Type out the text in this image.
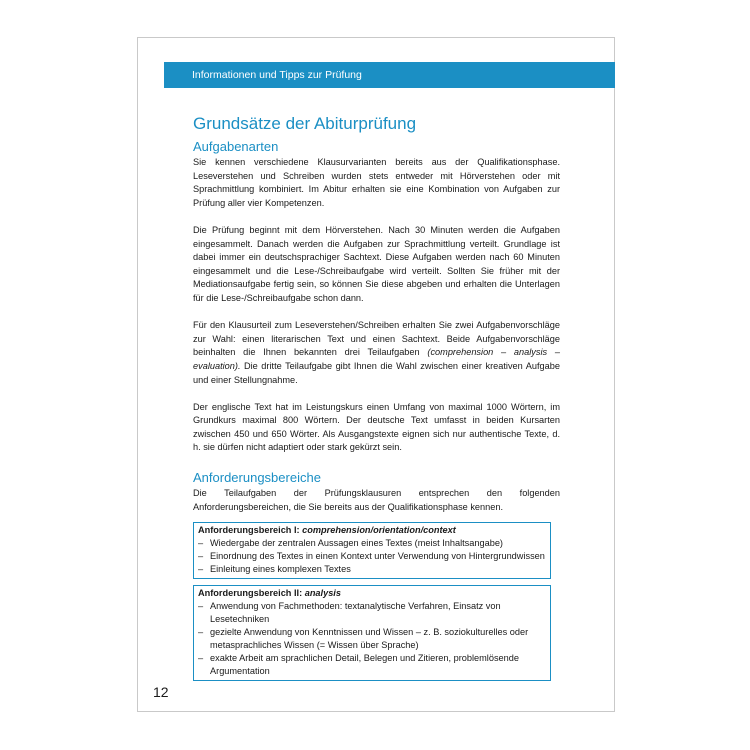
Informationen und Tipps zur Prüfung
Grundsätze der Abiturprüfung
Aufgabenarten

Sie kennen verschiedene Klausurvarianten bereits aus der Qualifikationsphase. Leseverstehen und Schreiben wurden stets entweder mit Hörverstehen oder mit Sprachmittlung kombiniert. Im Abitur erhalten sie eine Kombination von Aufgaben zur Prüfung aller vier Kompetenzen.

Die Prüfung beginnt mit dem Hörverstehen. Nach 30 Minuten werden die Aufgaben eingesammelt. Danach werden die Aufgaben zur Sprachmittlung verteilt. Grundlage ist dabei immer ein deutschsprachiger Sachtext. Diese Aufgaben werden nach 60 Minuten eingesammelt und die Lese-/Schreibaufgabe wird verteilt. Sollten Sie früher mit der Mediationsaufgabe fertig sein, so können Sie diese abgeben und erhalten die Unterlagen für die Lese-/Schreibaufgabe schon dann.

Für den Klausurteil zum Leseverstehen/Schreiben erhalten Sie zwei Aufgabenvorschläge zur Wahl: einen literarischen Text und einen Sachtext. Beide Aufgabenvorschläge beinhalten die Ihnen bekannten drei Teilaufgaben (comprehension – analysis – evaluation). Die dritte Teilaufgabe gibt Ihnen die Wahl zwischen einer kreativen Aufgabe und einer Stellungnahme.

Der englische Text hat im Leistungskurs einen Umfang von maximal 1000 Wörtern, im Grundkurs maximal 800 Wörtern. Der deutsche Text umfasst in beiden Kursarten zwischen 450 und 650 Wörter. Als Ausgangstexte eignen sich nur authentische Texte, d. h. sie dürfen nicht adaptiert oder stark gekürzt sein.

Anforderungsbereiche

Die Teilaufgaben der Prüfungsklausuren entsprechen den folgenden Anforderungsbereichen, die Sie bereits aus der Qualifikationsphase kennen.

Anforderungsbereich I: comprehension/orientation/context
– Wiedergabe der zentralen Aussagen eines Textes (meist Inhaltsangabe)
– Einordnung des Textes in einen Kontext unter Verwendung von Hintergrundwissen
– Einleitung eines komplexen Textes
Anforderungsbereich II: analysis
– Anwendung von Fachmethoden: textanalytische Verfahren, Einsatz von Lesetechniken
– gezielte Anwendung von Kenntnissen und Wissen – z. B. soziokulturelles oder metasprachliches Wissen (= Wissen über Sprache)
– exakte Arbeit am sprachlichen Detail, Belegen und Zitieren, problemlösende Argumentation
12
